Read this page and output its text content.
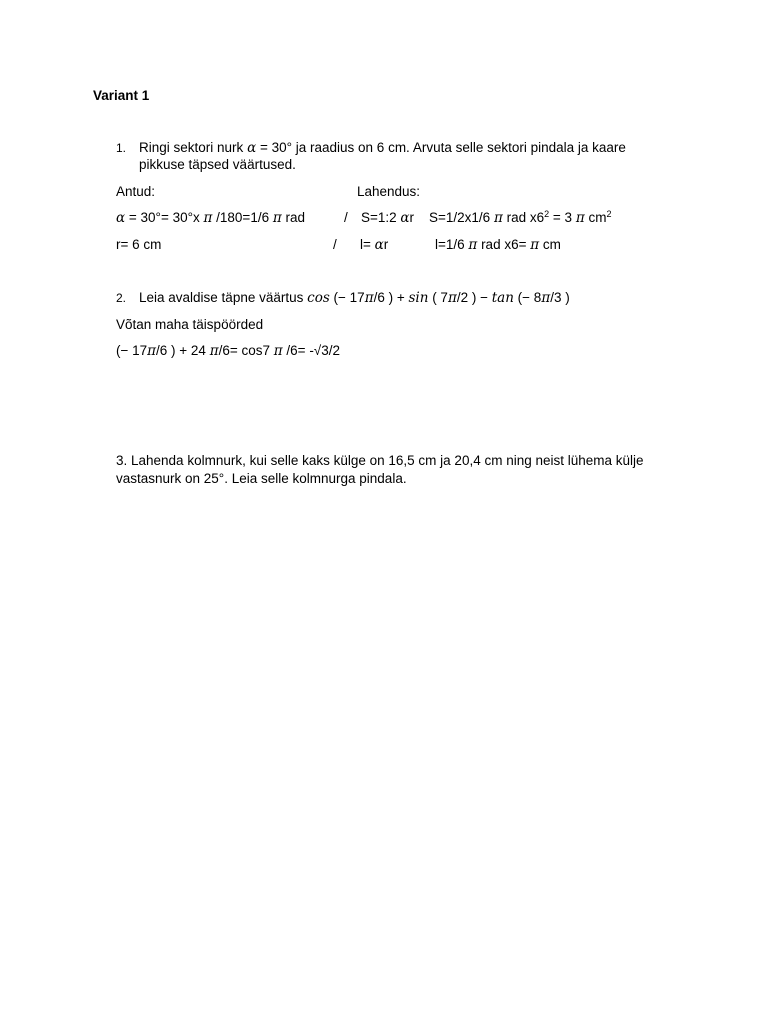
Variant 1
1. Ringi sektori nurk α = 30° ja raadius on 6 cm. Arvuta selle sektori pindala ja kaare
pikkuse täpsed väärtused.
Antud:	Lahendus:
α = 30°= 30°x π /180=1/6 π rad	/ S=1:2 αr S=1/2x1/6 π rad $x6^2 = 3$ π $cm^2$
r= 6 cm	/ l= αr	l=1/6 π rad x6= π cm
2. Leia avaldise täpne väärtus cos (− 17π/6 ) + sin ( 7π/2 ) − tan (− 8π/3 )
Võtan maha täispöörded
(− 17π/6 ) + 24 π/6= cos7 π /6= -√3/2
3. Lahenda kolmnurk, kui selle kaks külge on 16,5 cm ja 20,4 cm ning neist lühema külje vastasnurk on 25°. Leia selle kolmnurga pindala.
